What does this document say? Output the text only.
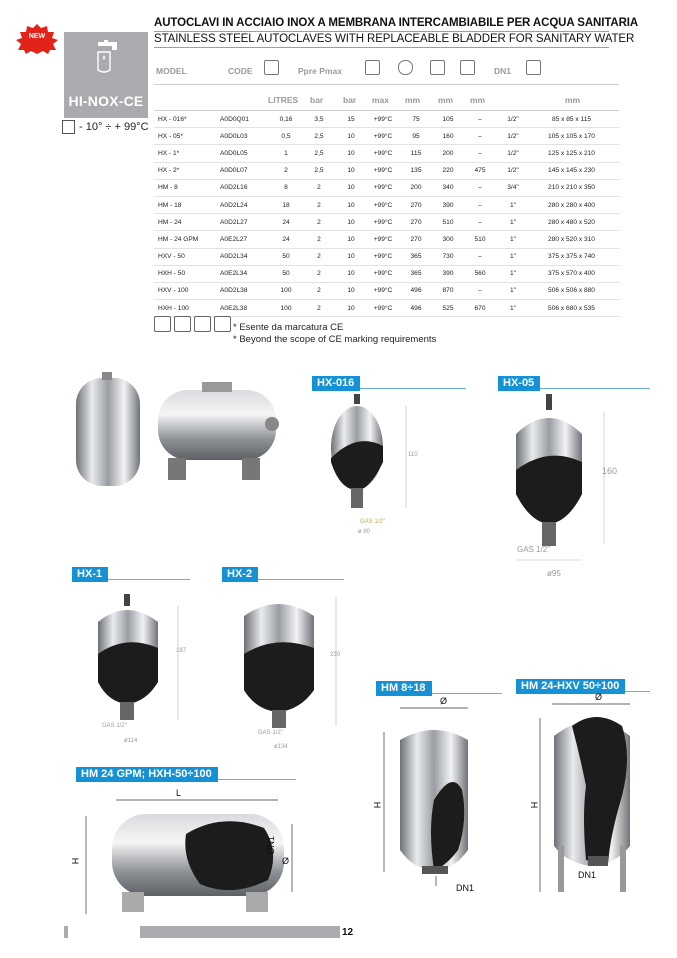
NEW
HI-NOX-CE
- 10° ÷ + 99°C
AUTOCLAVI IN ACCIAIO INOX A MEMBRANA INTERCAMBIABILE PER ACQUA SANITARIA
STAINLESS STEEL AUTOCLAVES WITH REPLACEABLE BLADDER FOR SANITARY WATER
MODEL	CODE	Ppre Pmax	DN1
LITRES bar bar max mm mm mm	mm
HX - 016*	A0D0Q01	0,16	3,5	15	+99°C	75	105	–	1/2"	85 x 85 x 115
HX - 05*	A0D0L03	0,5	2,5	10	+99°C	95	160	–	1/2"	105 x 105 x 170
HX - 1*	A0D0L05	1	2,5	10	+99°C	115	200	–	1/2"	125 x 125 x 210
HX - 2*	A0D0L07	2	2,5	10	+99°C	135	220	475	1/2"	145 x 145 x 230
HM - 8	A0D2L16	8	2	10	+99°C	200	340	–	3/4"	210 x 210 x 350
HM - 18	A0D2L24	18	2	10	+99°C	270	390	–	1"	280 x 280 x 400
HM - 24	A0D2L27	24	2	10	+99°C	270	510	–	1"	280 x 480 x 520
HM - 24 GPM	A0E2L27	24	2	10	+99°C	270	300	510	1"	280 x 520 x 310
HXV - 50	A0D2L34	50	2	10	+99°C	365	730	–	1"	375 x 375 x 740
HXH - 50	A0E2L34	50	2	10	+99°C	365	390	560	1"	375 x 570 x 400
HXV - 100	A0D2L38	100	2	10	+99°C	496	870	–	1"	506 x 506 x 880
HXH - 100	A0E2L38	100	2	10	+99°C	496	525	670	1"	506 x 680 x 535
* Esente da marcatura CE
* Beyond the scope of CE marking requirements
HX-016	HX-05
HX-1	HX-2
HM 8÷18	HM 24-HXV 50÷100
HM 24 GPM; HXH-50÷100
110
GAS 1/2"
ø 80
160
GAS 1/2"
ø95
187
GAS 1/2"
ø114
230
GAS 1/2"
ø134
Ø
H
DN1
Ø
H
DN1
L
H
DN1
Ø
12
